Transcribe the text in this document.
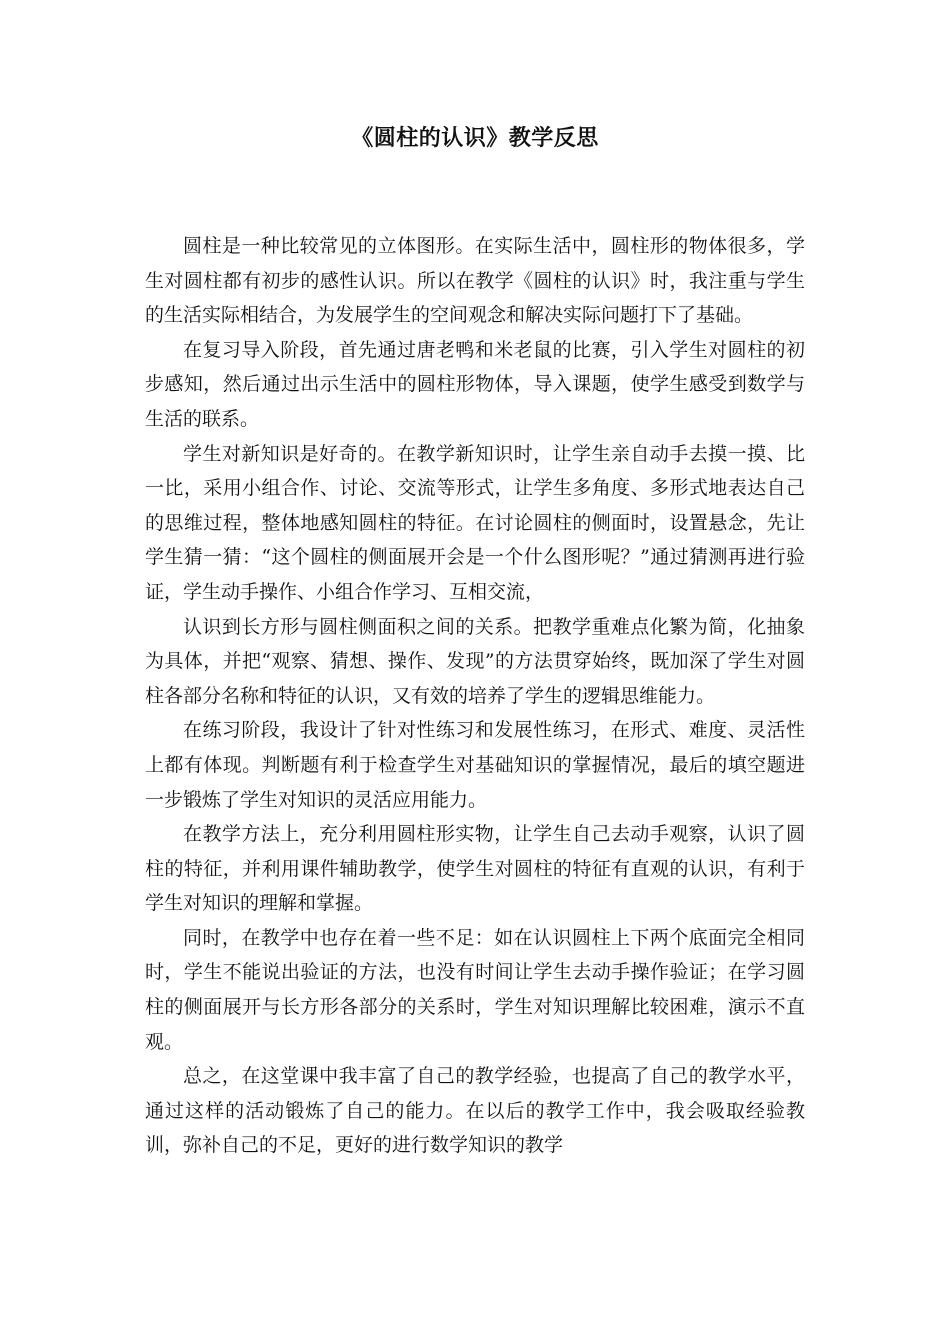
《圆柱的认识》教学反思

圆柱是一种比较常见的立体图形。在实际生活中，圆柱形的物体很多，学生对圆柱都有初步的感性认识。所以在教学《圆柱的认识》时，我注重与学生的生活实际相结合，为发展学生的空间观念和解决实际问题打下了基础。

在复习导入阶段，首先通过唐老鸭和米老鼠的比赛，引入学生对圆柱的初步感知，然后通过出示生活中的圆柱形物体，导入课题，使学生感受到数学与生活的联系。

学生对新知识是好奇的。在教学新知识时，让学生亲自动手去摸一摸、比一比，采用小组合作、讨论、交流等形式，让学生多角度、多形式地表达自己的思维过程，整体地感知圆柱的特征。在讨论圆柱的侧面时，设置悬念，先让学生猜一猜：“这个圆柱的侧面展开会是一个什么图形呢？”通过猜测再进行验证，学生动手操作、小组合作学习、互相交流，

认识到长方形与圆柱侧面积之间的关系。把教学重难点化繁为简，化抽象为具体，并把“观察、猜想、操作、发现”的方法贯穿始终，既加深了学生对圆柱各部分名称和特征的认识，又有效的培养了学生的逻辑思维能力。

在练习阶段，我设计了针对性练习和发展性练习，在形式、难度、灵活性上都有体现。判断题有利于检查学生对基础知识的掌握情况，最后的填空题进一步锻炼了学生对知识的灵活应用能力。

在教学方法上，充分利用圆柱形实物，让学生自己去动手观察，认识了圆柱的特征，并利用课件辅助教学，使学生对圆柱的特征有直观的认识，有利于学生对知识的理解和掌握。

同时，在教学中也存在着一些不足：如在认识圆柱上下两个底面完全相同时，学生不能说出验证的方法，也没有时间让学生去动手操作验证；在学习圆柱的侧面展开与长方形各部分的关系时，学生对知识理解比较困难，演示不直观。

总之，在这堂课中我丰富了自己的教学经验，也提高了自己的教学水平，通过这样的活动锻炼了自己的能力。在以后的教学工作中，我会吸取经验教训，弥补自己的不足，更好的进行数学知识的教学
